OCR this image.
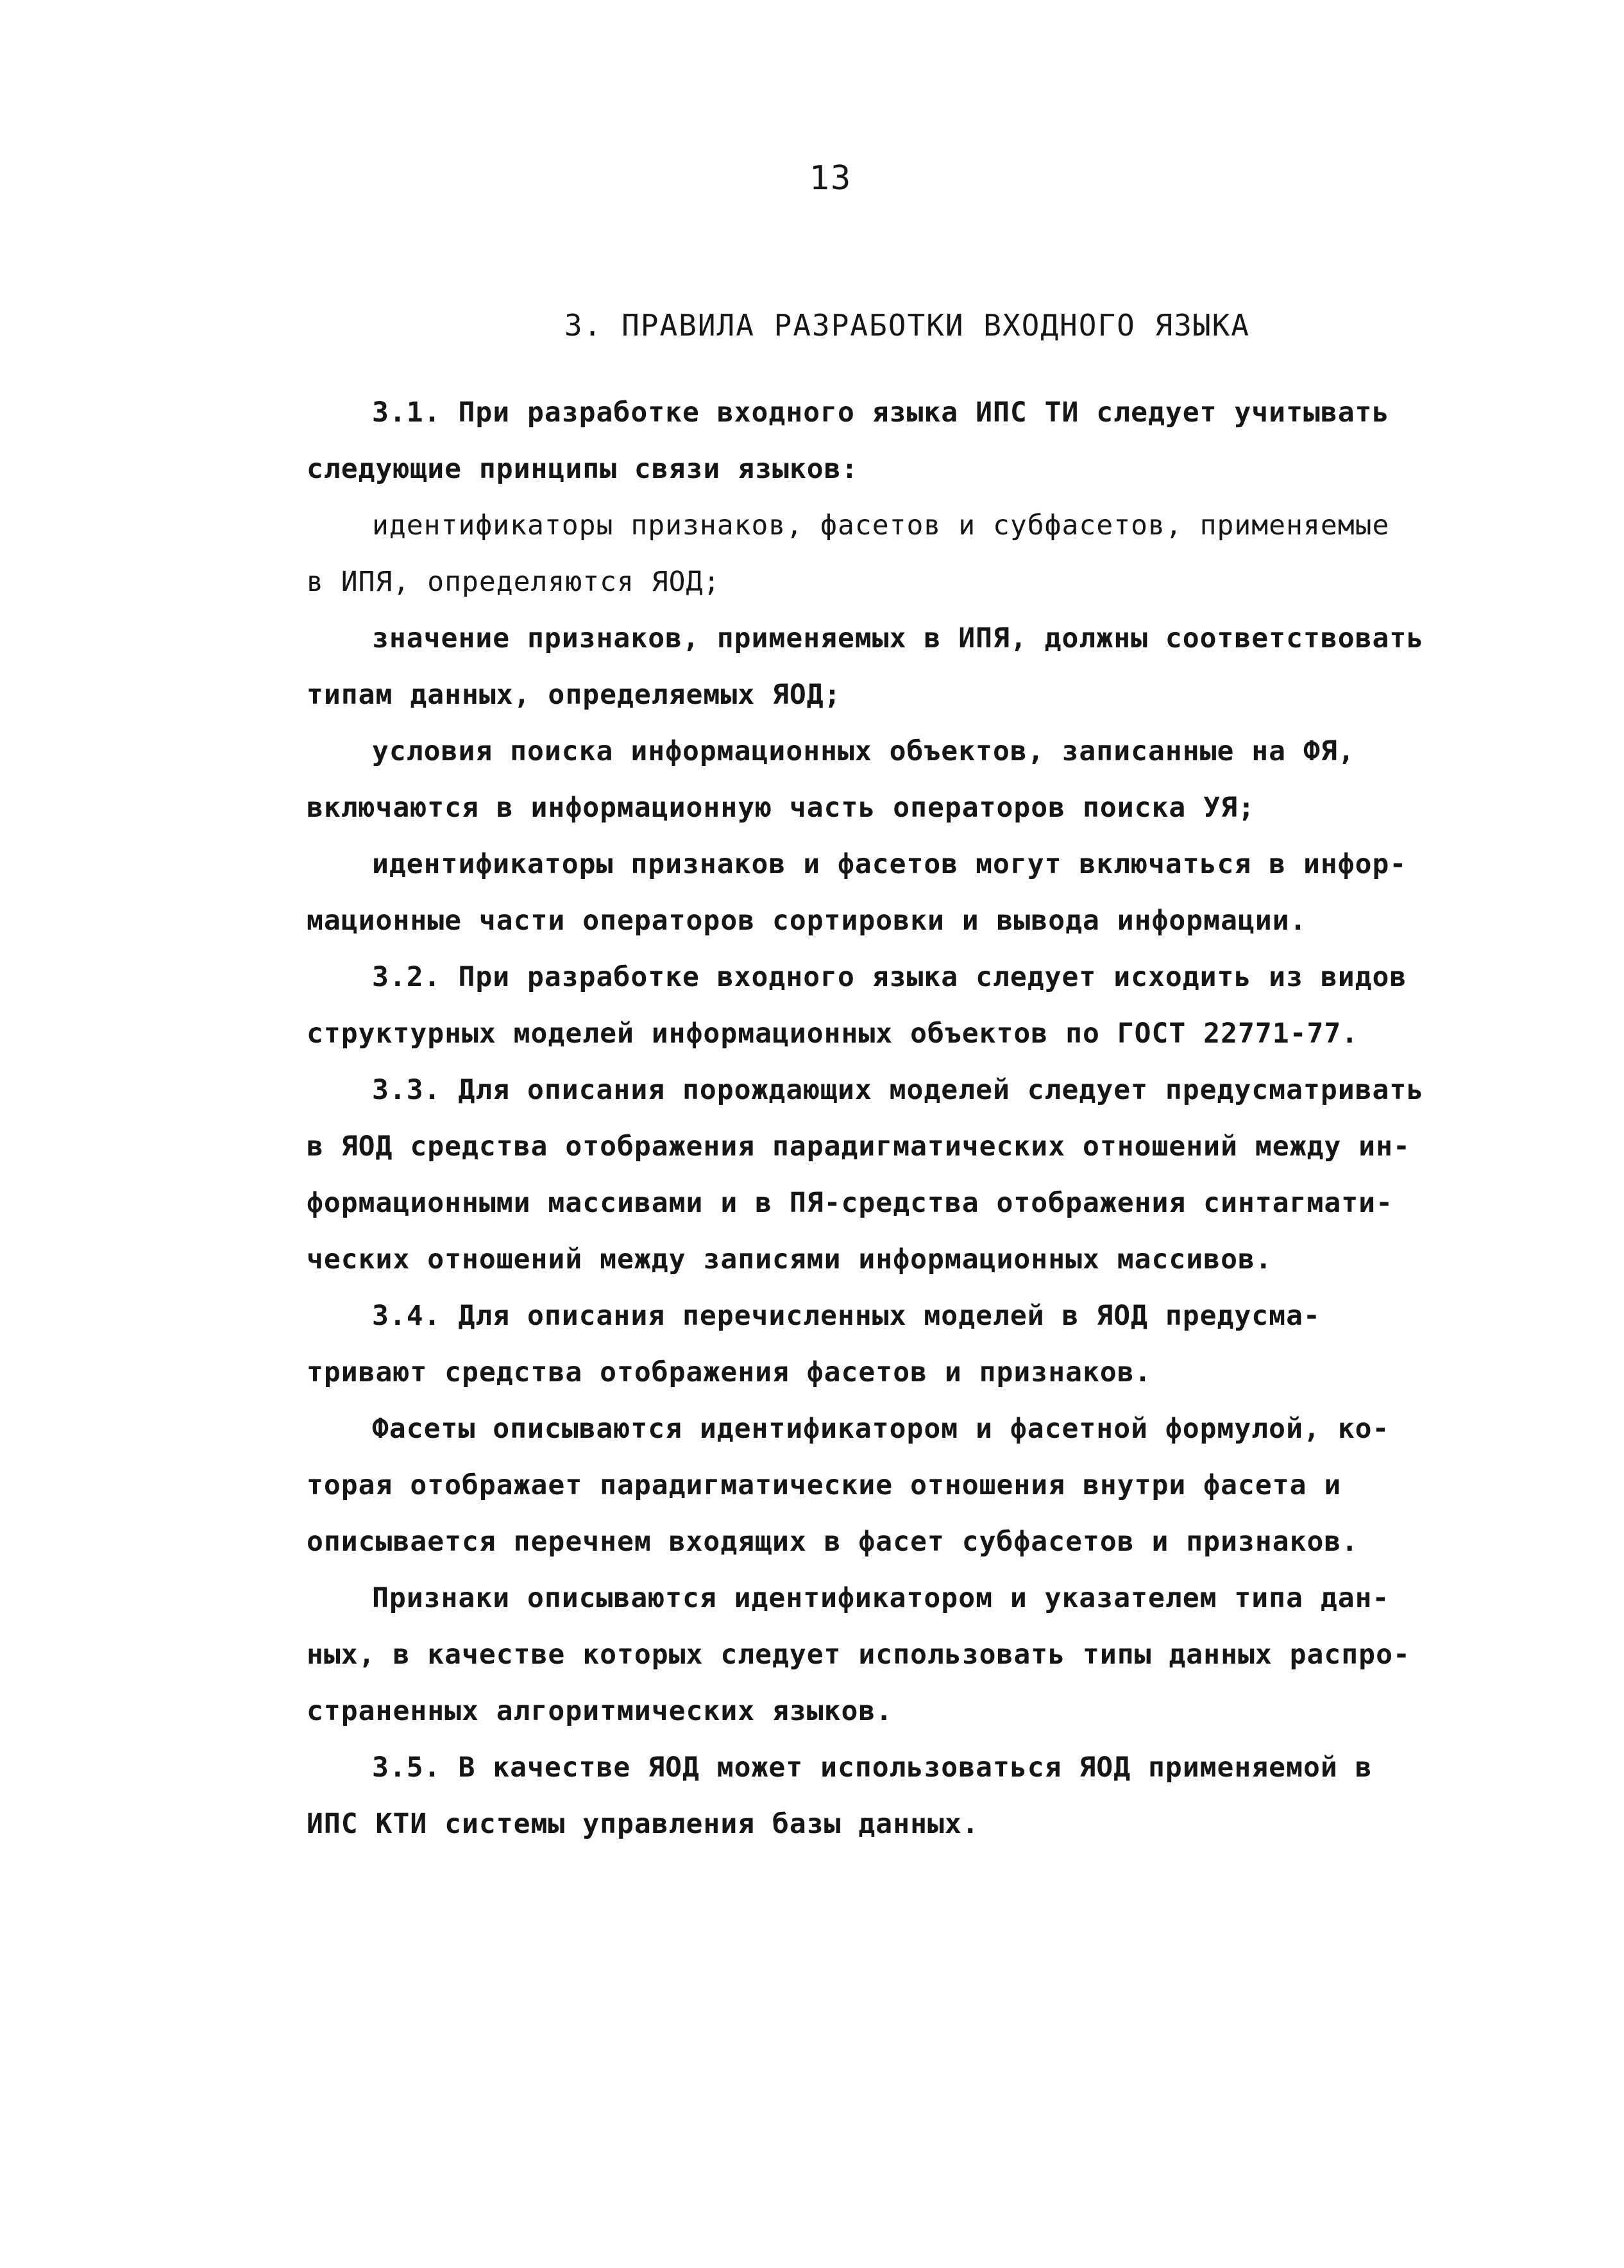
13
3. ПРАВИЛА РАЗРАБОТКИ ВХОДНОГО ЯЗЫКА
3.1. При разработке входного языка ИПС ТИ следует учитывать
следующие принципы связи языков:
идентификаторы признаков, фасетов и субфасетов, применяемые
в ИПЯ, определяются ЯОД;
значение признаков, применяемых в ИПЯ, должны соответствовать
типам данных, определяемых ЯОД;
условия поиска информационных объектов, записанные на ФЯ,
включаются в информационную часть операторов поиска УЯ;
идентификаторы признаков и фасетов могут включаться в инфор-
мационные части операторов сортировки и вывода информации.
3.2. При разработке входного языка следует исходить из видов
структурных моделей информационных объектов по ГОСТ 22771-77.
3.3. Для описания порождающих моделей следует предусматривать
в ЯОД средства отображения парадигматических отношений между ин-
формационными массивами и в ПЯ-средства отображения синтагмати-
ческих отношений между записями информационных массивов.
3.4. Для описания перечисленных моделей в ЯОД предусма-
тривают средства отображения фасетов и признаков.
Фасеты описываются идентификатором и фасетной формулой, ко-
торая отображает парадигматические отношения внутри фасета и
описывается перечнем входящих в фасет субфасетов и признаков.
Признаки описываются идентификатором и указателем типа дан-
ных, в качестве которых следует использовать типы данных распро-
страненных алгоритмических языков.
3.5. В качестве ЯОД может использоваться ЯОД применяемой в
ИПС КТИ системы управления базы данных.
